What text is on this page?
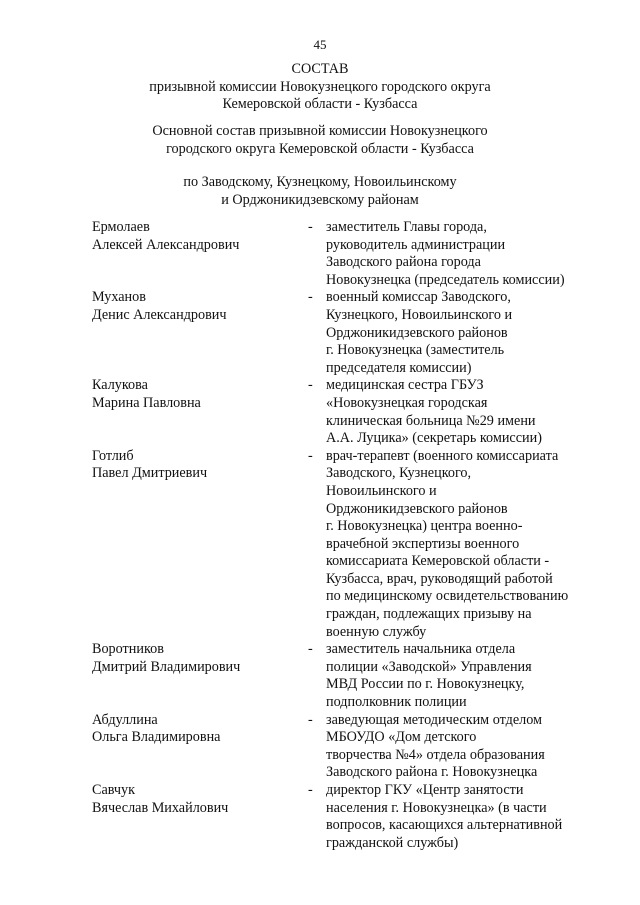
45
СОСТАВ
призывной комиссии Новокузнецкого городского округа
Кемеровской области - Кузбасса
Основной состав призывной комиссии Новокузнецкого
городского округа Кемеровской области - Кузбасса
по Заводскому, Кузнецкому, Новоильинскому
и Орджоникидзевскому районам
Ермолаев
Алексей Александрович
- заместитель Главы города,
руководитель администрации
Заводского района города
Новокузнецка (председатель комиссии)
Муханов
Денис Александрович
- военный комиссар Заводского,
Кузнецкого, Новоильинского и
Орджоникидзевского районов
г. Новокузнецка (заместитель
председателя комиссии)
Калукова
Марина Павловна
- медицинская сестра ГБУЗ
«Новокузнецкая городская
клиническая больница №29 имени
А.А. Луцика» (секретарь комиссии)
Готлиб
Павел Дмитриевич
- врач-терапевт (военного комиссариата
Заводского, Кузнецкого,
Новоильинского и
Орджоникидзевского районов
г. Новокузнецка) центра военно-
врачебной экспертизы военного
комиссариата Кемеровской области -
Кузбасса, врач, руководящий работой
по медицинскому освидетельствованию
граждан, подлежащих призыву на
военную службу
Воротников
Дмитрий Владимирович
- заместитель начальника отдела
полиции «Заводской» Управления
МВД России по г. Новокузнецку,
подполковник полиции
Абдуллина
Ольга Владимировна
- заведующая методическим отделом
МБОУДО «Дом детского
творчества №4» отдела образования
Заводского района г. Новокузнецка
Савчук
Вячеслав Михайлович
- директор ГКУ «Центр занятости
населения г. Новокузнецка» (в части
вопросов, касающихся альтернативной
гражданской службы)
